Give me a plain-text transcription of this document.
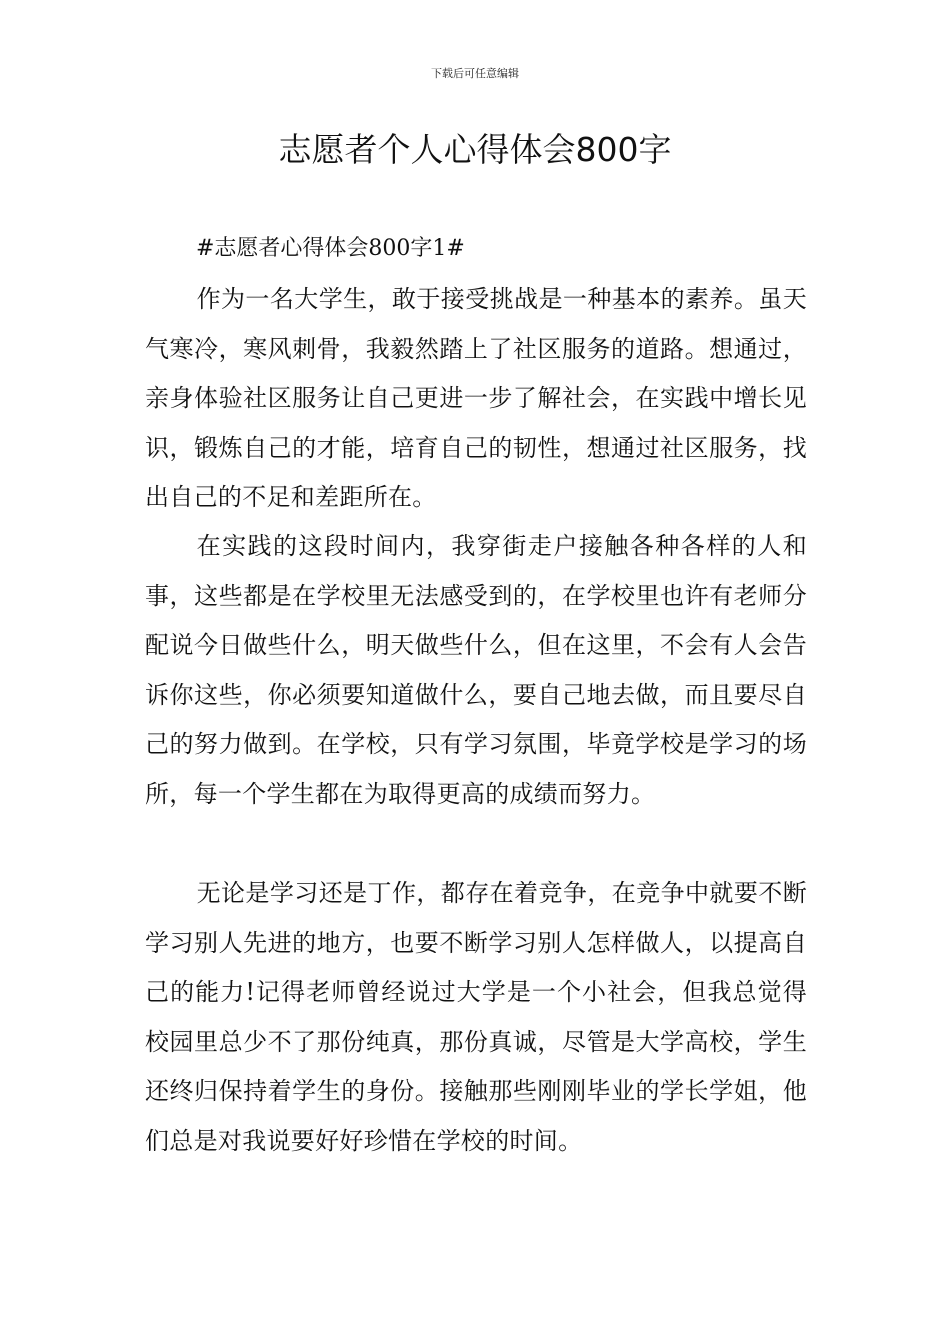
下载后可任意编辑
志愿者个人心得体会800字
#志愿者心得体会800字1#

作为一名大学生，敢于接受挑战是一种基本的素养。虽天气寒冷，寒风刺骨，我毅然踏上了社区服务的道路。想通过，亲身体验社区服务让自己更进一步了解社会，在实践中增长见识，锻炼自己的才能，培育自己的韧性，想通过社区服务，找出自己的不足和差距所在。

在实践的这段时间内，我穿街走户接触各种各样的人和事，这些都是在学校里无法感受到的，在学校里也许有老师分配说今日做些什么，明天做些什么，但在这里，不会有人会告诉你这些，你必须要知道做什么，要自己地去做，而且要尽自己的努力做到。在学校，只有学习氛围，毕竟学校是学习的场所，每一个学生都在为取得更高的成绩而努力。

无论是学习还是丁作，都存在着竞争，在竞争中就要不断学习别人先进的地方，也要不断学习别人怎样做人，以提高自己的能力!记得老师曾经说过大学是一个小社会，但我总觉得校园里总少不了那份纯真，那份真诚，尽管是大学高校，学生还终归保持着学生的身份。接触那些刚刚毕业的学长学姐，他们总是对我说要好好珍惜在学校的时间。
